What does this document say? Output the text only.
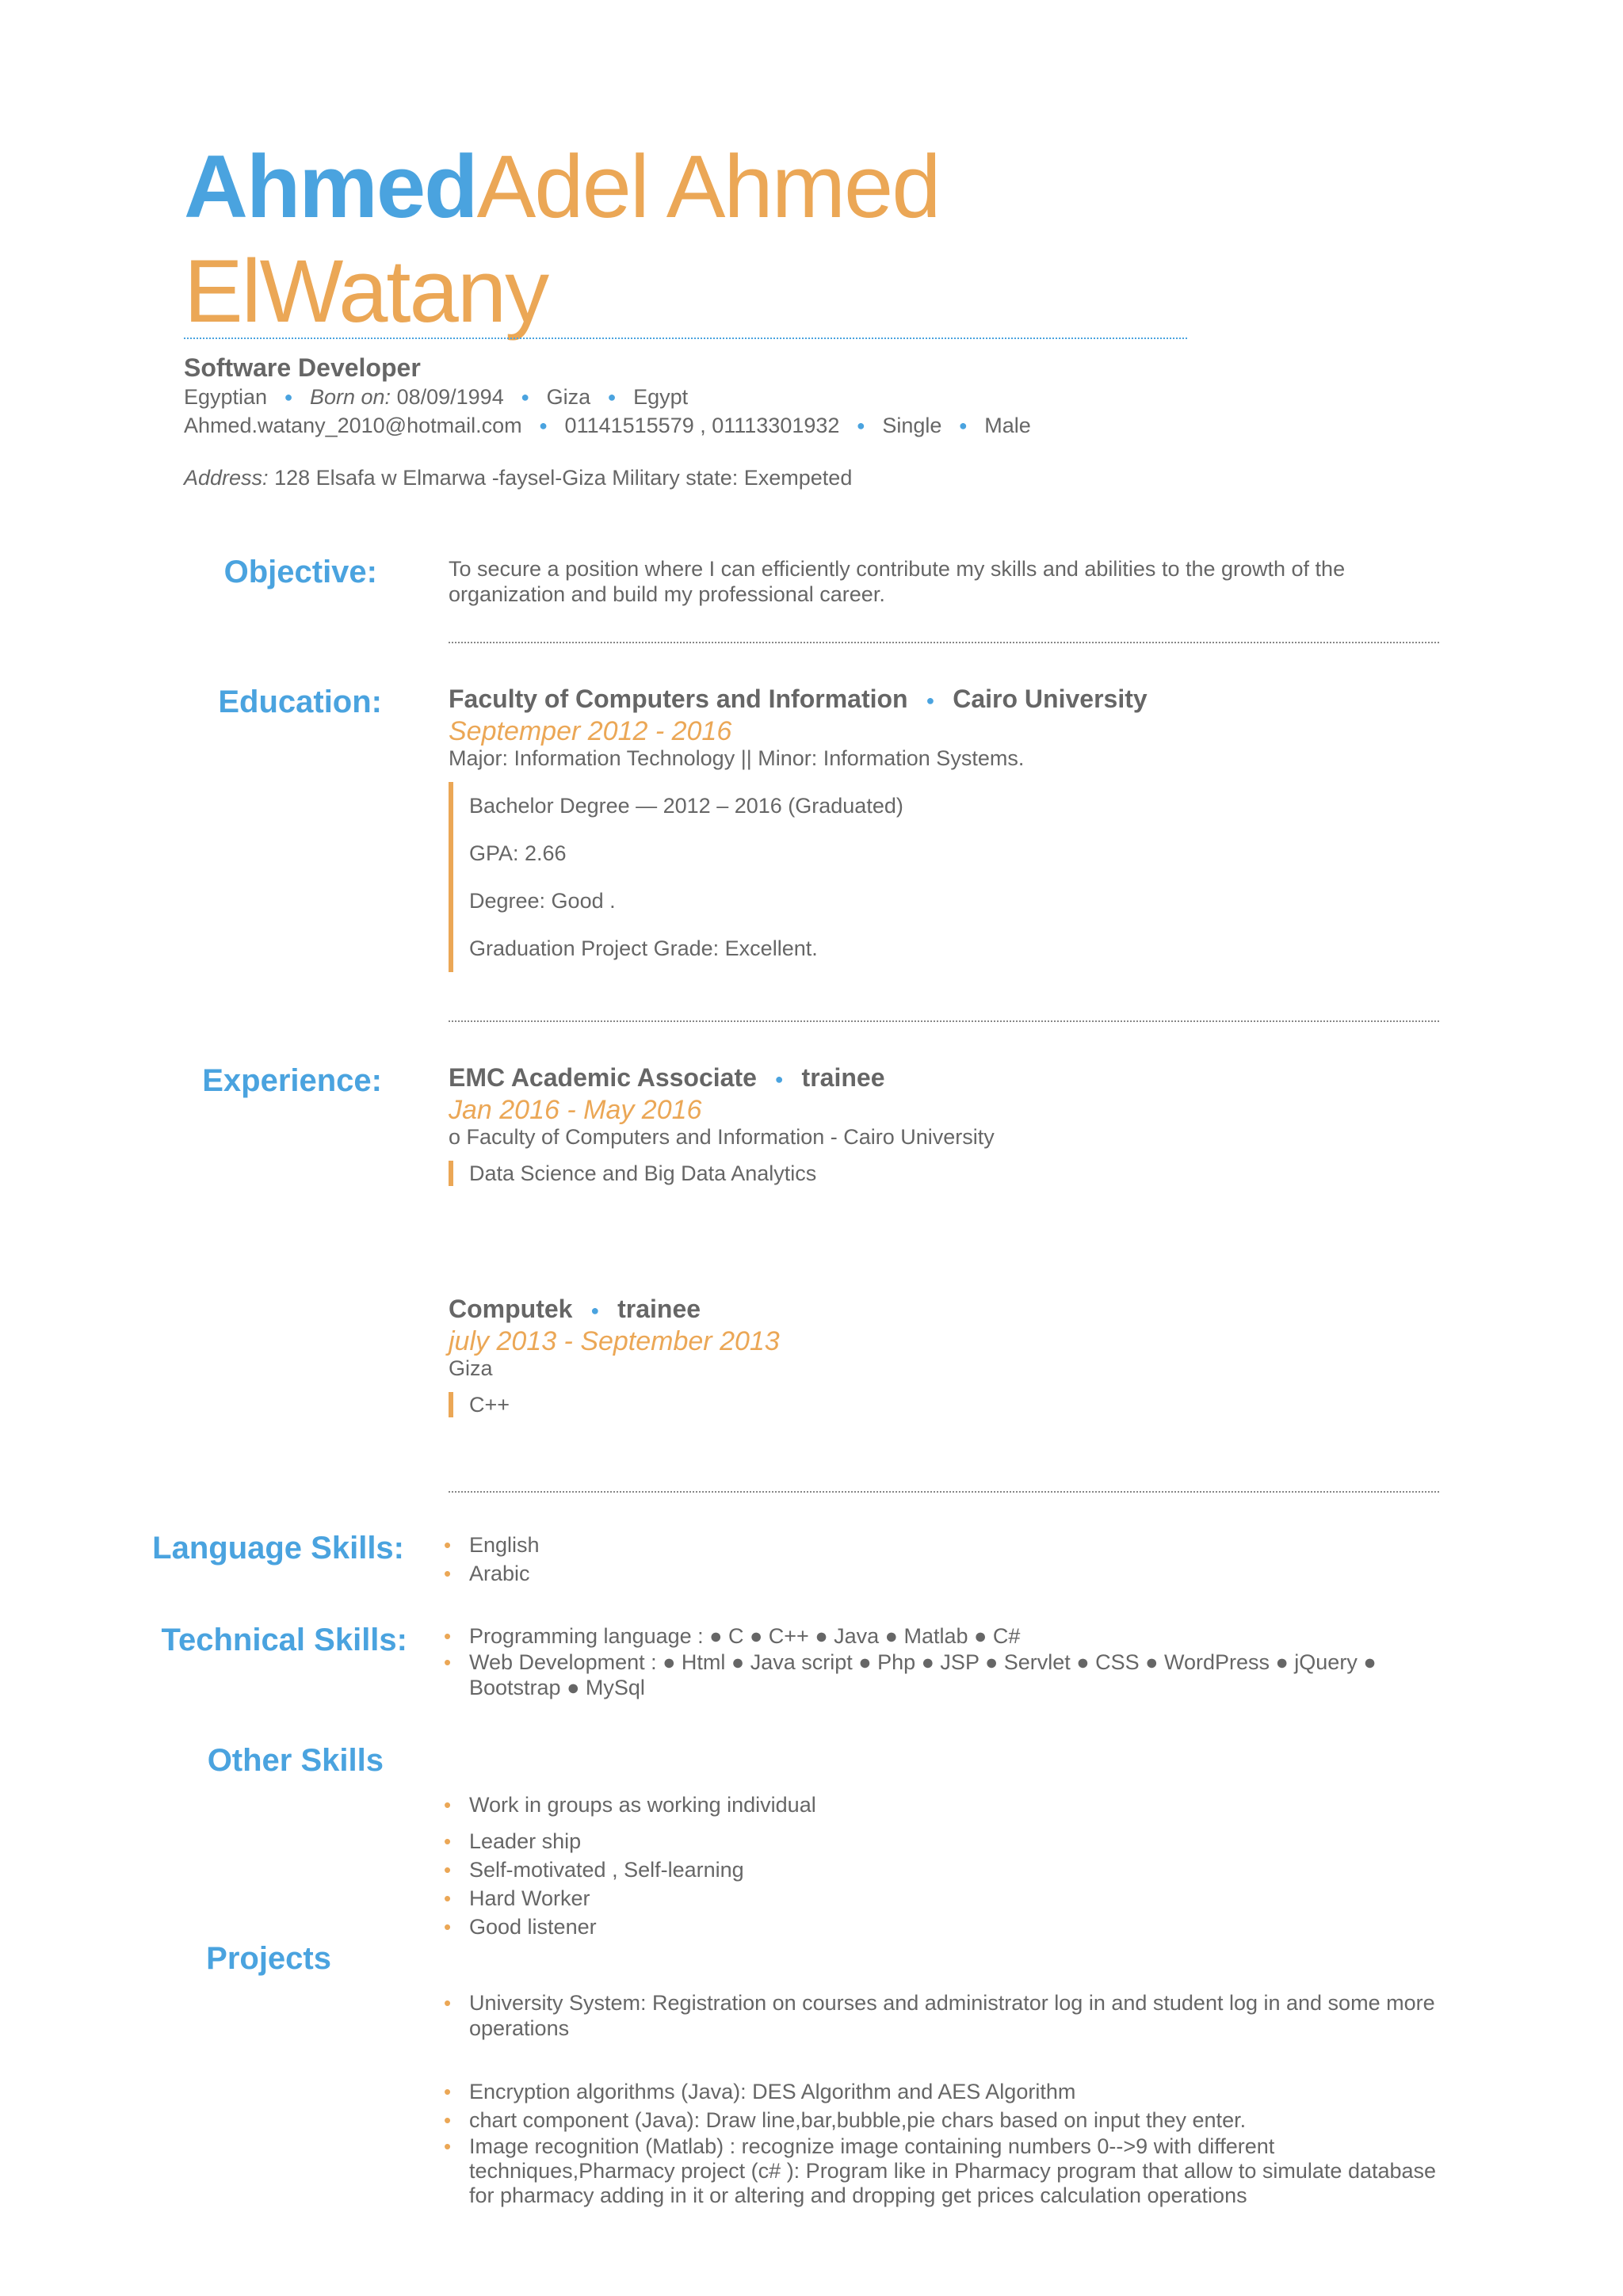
AhmedAdel Ahmed
ElWatany
Software Developer
Egyptian ● Born on: 08/09/1994 ● Giza ● Egypt
Ahmed.watany_2010@hotmail.com ● 01141515579 , 01113301932 ● Single ● Male
Address: 128 Elsafa w Elmarwa -faysel-Giza Military state: Exempeted
Objective:	To secure a position where I can efficiently contribute my skills and abilities to the growth of the organization and build my professional career.
Education:	Faculty of Computers and Information ● Cairo University
Septemper 2012 - 2016
Major: Information Technology || Minor: Information Systems.

Bachelor Degree — 2012 – 2016 (Graduated)

GPA: 2.66

Degree: Good .

Graduation Project Grade: Excellent.

Experience:	EMC Academic Associate ● trainee
Jan 2016 - May 2016
o Faculty of Computers and Information - Cairo University

Data Science and Big Data Analytics

Computek ● trainee
july 2013 - September 2013
Giza

C++

Language Skills:	• English
• Arabic
Technical Skills:	• Programming language : ● C ● C++ ● Java ● Matlab ● C#
• Web Development : ● Html ● Java script ● Php ● JSP ● Servlet ● CSS ● WordPress ● jQuery ● Bootstrap ● MySql
Other Skills
• Work in groups as working individual
• Leader ship
• Self-motivated , Self-learning
• Hard Worker
• Good listener
Projects
• University System: Registration on courses and administrator log in and student log in and some more operations
• Encryption algorithms (Java): DES Algorithm and AES Algorithm
• chart component (Java): Draw line,bar,bubble,pie chars based on input they enter.
• Image recognition (Matlab) : recognize image containing numbers 0-->9 with different techniques,Pharmacy project (c# ): Program like in Pharmacy program that allow to simulate database for pharmacy adding in it or altering and dropping get prices calculation operations
